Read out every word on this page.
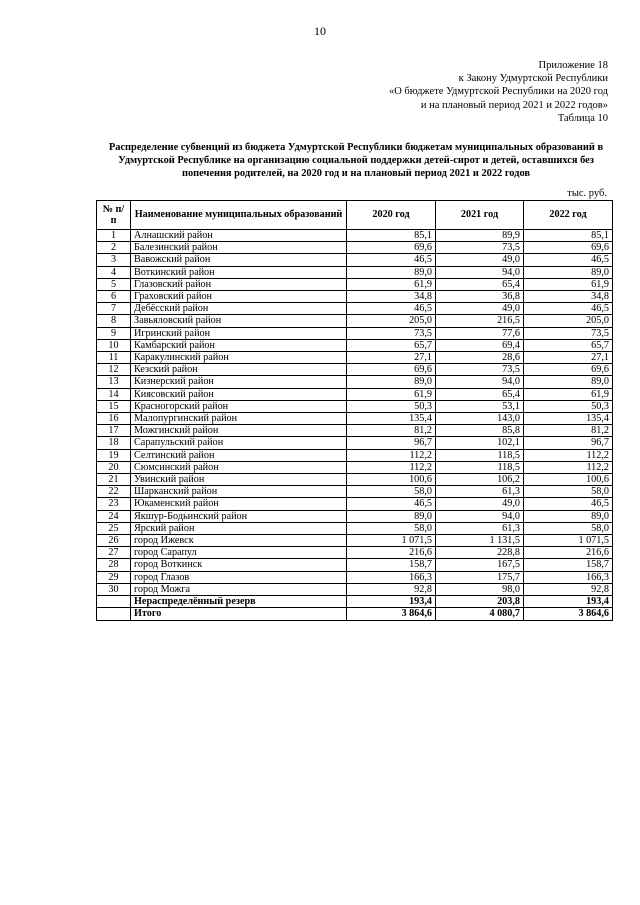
10
Приложение 18
к Закону Удмуртской Республики
«О бюджете Удмуртской Республики на 2020 год
и на плановый период 2021 и 2022 годов»
Таблица 10
Распределение субвенций из бюджета Удмуртской Республики бюджетам муниципальных образований в Удмуртской Республике на организацию социальной поддержки детей-сирот и детей, оставшихся без попечения родителей, на 2020 год и на плановый период 2021 и 2022 годов
тыс. руб.
№ п/п	Наименование муниципальных образований	2020 год	2021 год	2022 год
1	Алнашский район	85,1	89,9	85,1
2	Балезинский район	69,6	73,5	69,6
3	Вавожский район	46,5	49,0	46,5
4	Воткинский район	89,0	94,0	89,0
5	Глазовский район	61,9	65,4	61,9
6	Граховский район	34,8	36,8	34,8
7	Дебёсский район	46,5	49,0	46,5
8	Завьяловский район	205,0	216,5	205,0
9	Игринский район	73,5	77,6	73,5
10	Камбарский район	65,7	69,4	65,7
11	Каракулинский район	27,1	28,6	27,1
12	Кезский район	69,6	73,5	69,6
13	Кизнерский район	89,0	94,0	89,0
14	Киясовский район	61,9	65,4	61,9
15	Красногорский район	50,3	53,1	50,3
16	Малопургинский район	135,4	143,0	135,4
17	Можгинский район	81,2	85,8	81,2
18	Сарапульский район	96,7	102,1	96,7
19	Селтинский район	112,2	118,5	112,2
20	Сюмсинский район	112,2	118,5	112,2
21	Увинский район	100,6	106,2	100,6
22	Шарканский район	58,0	61,3	58,0
23	Юкаменский район	46,5	49,0	46,5
24	Якшур-Бодьинский район	89,0	94,0	89,0
25	Ярский район	58,0	61,3	58,0
26	город Ижевск	1 071,5	1 131,5	1 071,5
27	город Сарапул	216,6	228,8	216,6
28	город Воткинск	158,7	167,5	158,7
29	город Глазов	166,3	175,7	166,3
30	город Можга	92,8	98,0	92,8
	Нераспределённый резерв	193,4	203,8	193,4
	Итого	3 864,6	4 080,7	3 864,6
